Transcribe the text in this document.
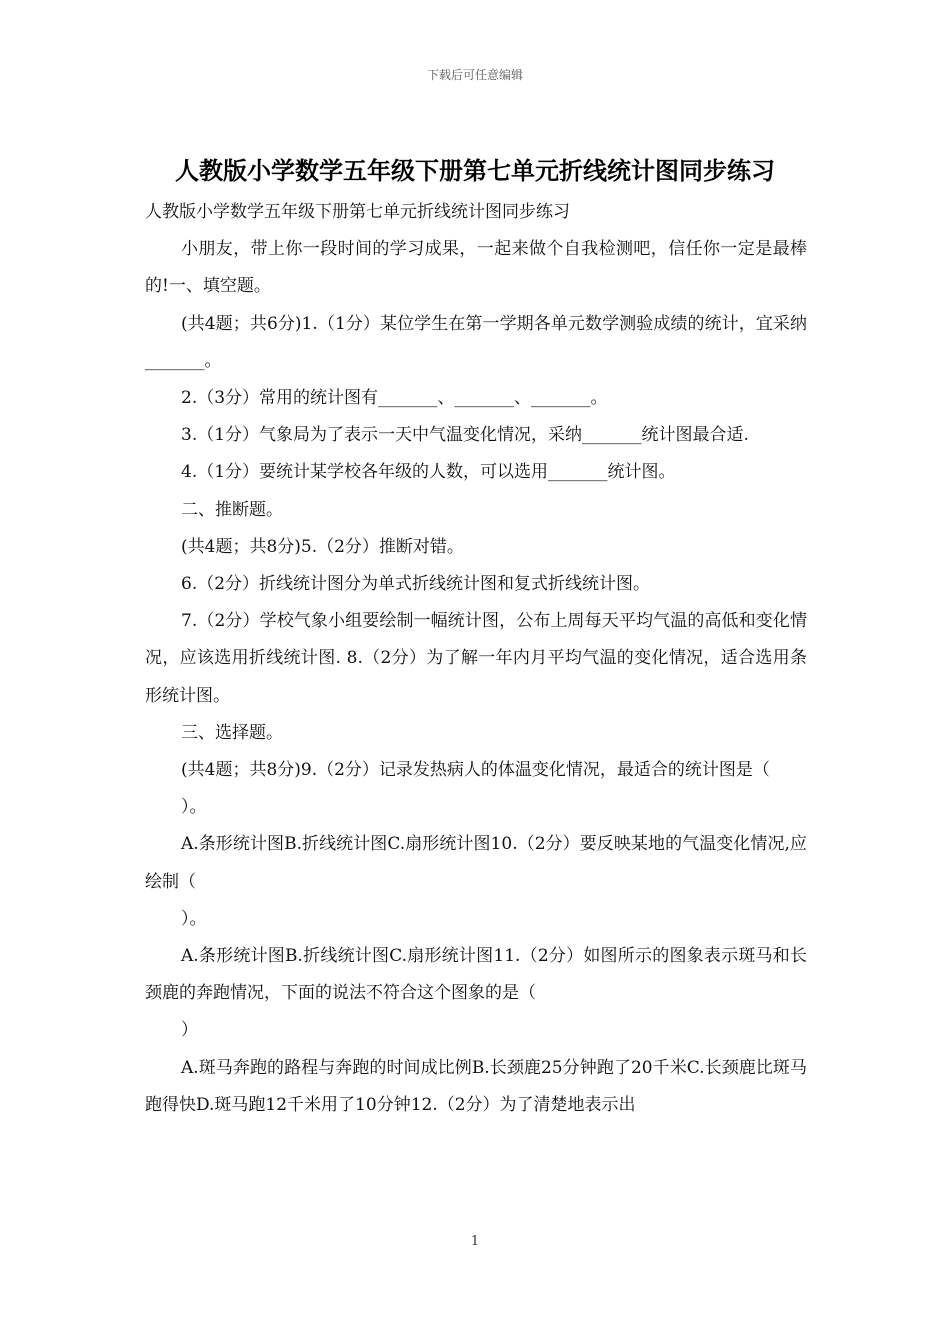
下载后可任意编辑
人教版小学数学五年级下册第七单元折线统计图同步练习

人教版小学数学五年级下册第七单元折线统计图同步练习

小朋友，带上你一段时间的学习成果，一起来做个自我检测吧，信任你一定是最棒的!一、填空题。

(共4题；共6分)1.（1分）某位学生在第一学期各单元数学测验成绩的统计，宜采纳_______。

2.（3分）常用的统计图有_______、_______、_______。

3.（1分）气象局为了表示一天中气温变化情况，采纳_______统计图最合适.

4.（1分）要统计某学校各年级的人数，可以选用_______统计图。

二、推断题。

(共4题；共8分)5.（2分）推断对错。

6.（2分）折线统计图分为单式折线统计图和复式折线统计图。

7.（2分）学校气象小组要绘制一幅统计图，公布上周每天平均气温的高低和变化情况，应该选用折线统计图. 8.（2分）为了解一年内月平均气温的变化情况，适合选用条形统计图。

三、选择题。

(共4题；共8分)9.（2分）记录发热病人的体温变化情况，最适合的统计图是（

）。

A.条形统计图B.折线统计图C.扇形统计图10.（2分）要反映某地的气温变化情况,应绘制（

）。

A.条形统计图B.折线统计图C.扇形统计图11.（2分）如图所示的图象表示斑马和长颈鹿的奔跑情况，下面的说法不符合这个图象的是（

）

A.斑马奔跑的路程与奔跑的时间成比例B.长颈鹿25分钟跑了20千米C.长颈鹿比斑马跑得快D.斑马跑12千米用了10分钟12.（2分）为了清楚地表示出

1
